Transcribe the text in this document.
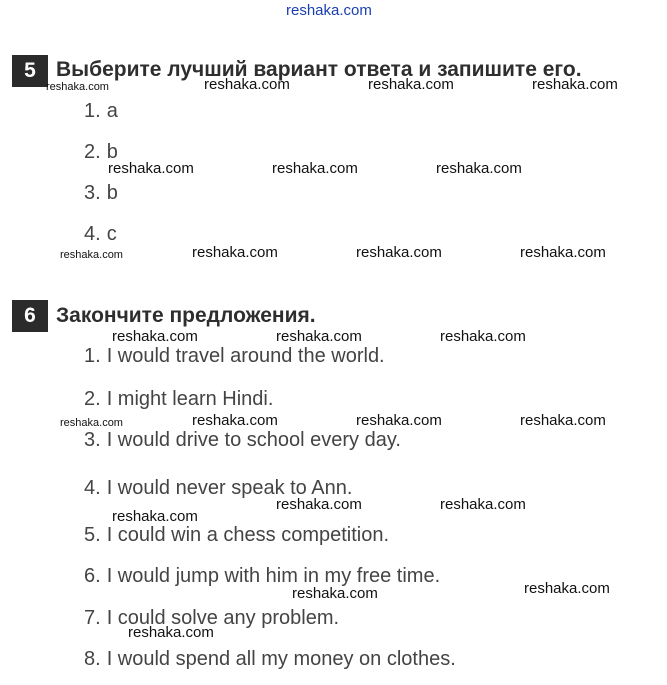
reshaka.com
5 Выберите лучший вариант ответа и запишите его.
1. a
2. b
3. b
4. c
6 Закончите предложения.
1. I would travel around the world.
2. I might learn Hindi.
3. I would drive to school every day.
4. I would never speak to Ann.
5. I could win a chess competition.
6. I would jump with him in my free time.
7. I could solve any problem.
8. I would spend all my money on clothes.
reshaka.com	reshaka.com	reshaka.com	reshaka.com
reshaka.com	reshaka.com	reshaka.com
reshaka.com	reshaka.com	reshaka.com	reshaka.com
reshaka.com	reshaka.com	reshaka.com
reshaka.com	reshaka.com	reshaka.com	reshaka.com
reshaka.com	reshaka.com
reshaka.com
reshaka.com
reshaka.com
reshaka.com
